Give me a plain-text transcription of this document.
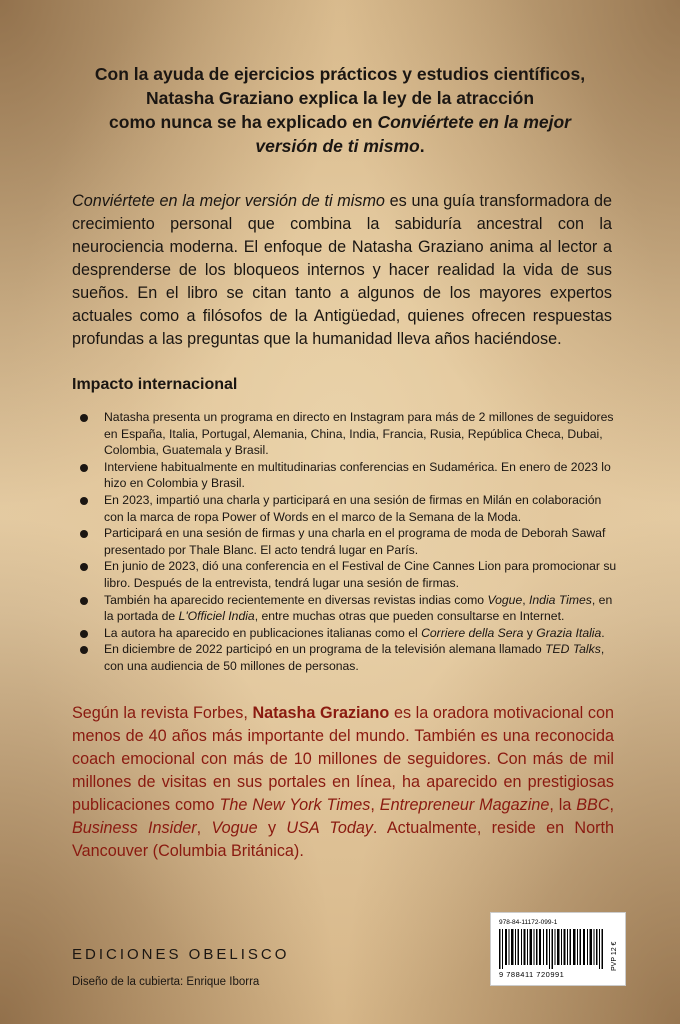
Con la ayuda de ejercicios prácticos y estudios científicos,
Natasha Graziano explica la ley de la atracción
como nunca se ha explicado en Conviértete en la mejor
versión de ti mismo.
Conviértete en la mejor versión de ti mismo es una guía transformadora de crecimiento personal que combina la sabiduría ancestral con la neurociencia moderna. El enfoque de Natasha Graziano anima al lector a desprenderse de los bloqueos internos y hacer realidad la vida de sus sueños. En el libro se citan tanto a algunos de los mayores expertos actuales como a filósofos de la Antigüedad, quienes ofrecen respuestas profundas a las preguntas que la humanidad lleva años haciéndose.
Impacto internacional
Natasha presenta un programa en directo en Instagram para más de 2 millones de seguidores en España, Italia, Portugal, Alemania, China, India, Francia, Rusia, República Checa, Dubai, Colombia, Guatemala y Brasil.
Interviene habitualmente en multitudinarias conferencias en Sudamérica. En enero de 2023 lo hizo en Colombia y Brasil.
En 2023, impartió una charla y participará en una sesión de firmas en Milán en colaboración con la marca de ropa Power of Words en el marco de la Semana de la Moda.
Participará en una sesión de firmas y una charla en el programa de moda de Deborah Sawaf presentado por Thale Blanc. El acto tendrá lugar en París.
En junio de 2023, dió una conferencia en el Festival de Cine Cannes Lion para promocionar su libro. Después de la entrevista, tendrá lugar una sesión de firmas.
También ha aparecido recientemente en diversas revistas indias como Vogue, India Times, en la portada de L'Officiel India, entre muchas otras que pueden consultarse en Internet.
La autora ha aparecido en publicaciones italianas como el Corriere della Sera y Grazia Italia.
En diciembre de 2022 participó en un programa de la televisión alemana llamado TED Talks, con una audiencia de 50 millones de personas.
Según la revista Forbes, Natasha Graziano es la oradora motivacional con menos de 40 años más importante del mundo. También es una reconocida coach emocional con más de 10 millones de seguidores. Con más de mil millones de visitas en sus portales en línea, ha aparecido en prestigiosas publicaciones como The New York Times, Entrepreneur Magazine, la BBC, Business Insider, Vogue y USA Today. Actualmente, reside en North Vancouver (Columbia Británica).
EDICIONES OBELISCO
Diseño de la cubierta: Enrique Iborra
978-84-11172-099-1
9 788411 720991
PVP 12 €
